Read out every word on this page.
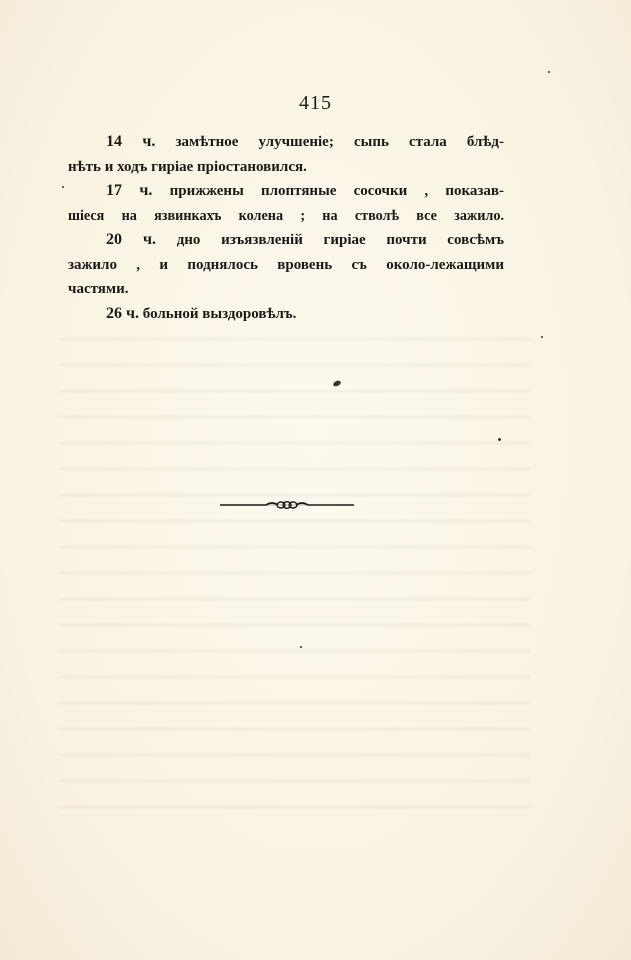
415

14 ч. замѣтное улучшеніе; сыпь стала блѣд-

нѣть и ходъ гиріае пріостановился.

17 ч. прижжены плоптяные сосочки , показав-

шіеся на язвинкахъ колена ; на стволѣ все зажило.

20 ч. дно изъязвленій гиріае почти совсѣмъ

зажило , и поднялось вровень съ около-лежащими

частями.

26 ч. больной выздоровѣлъ.
